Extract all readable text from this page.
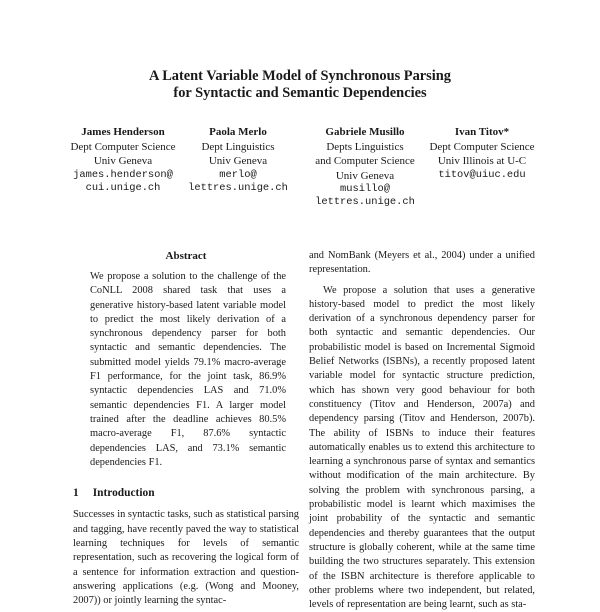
A Latent Variable Model of Synchronous Parsing
for Syntactic and Semantic Dependencies
James Henderson
Dept Computer Science
Univ Geneva
james.henderson@
cui.unige.ch
Paola Merlo
Dept Linguistics
Univ Geneva
merlo@
lettres.unige.ch
Gabriele Musillo
Depts Linguistics
and Computer Science
Univ Geneva
musillo@
lettres.unige.ch
Ivan Titov*
Dept Computer Science
Univ Illinois at U-C
titov@uiuc.edu
Abstract
We propose a solution to the challenge of the CoNLL 2008 shared task that uses a generative history-based latent variable model to predict the most likely derivation of a synchronous dependency parser for both syntactic and semantic dependencies. The submitted model yields 79.1% macro-average F1 performance, for the joint task, 86.9% syntactic dependencies LAS and 71.0% semantic dependencies F1. A larger model trained after the deadline achieves 80.5% macro-average F1, 87.6% syntactic dependencies LAS, and 73.1% semantic dependencies F1.
1 Introduction

Successes in syntactic tasks, such as statistical parsing and tagging, have recently paved the way to statistical learning techniques for levels of semantic representation, such as recovering the logical form of a sentence for information extraction and question-answering applications (e.g. (Wong and Mooney, 2007)) or jointly learning the syntac-

and NomBank (Meyers et al., 2004) under a unified representation.

We propose a solution that uses a generative history-based model to predict the most likely derivation of a synchronous dependency parser for both syntactic and semantic dependencies. Our probabilistic model is based on Incremental Sigmoid Belief Networks (ISBNs), a recently proposed latent variable model for syntactic structure prediction, which has shown very good behaviour for both constituency (Titov and Henderson, 2007a) and dependency parsing (Titov and Henderson, 2007b). The ability of ISBNs to induce their features automatically enables us to extend this architecture to learning a synchronous parse of syntax and semantics without modification of the main architecture. By solving the problem with synchronous parsing, a probabilistic model is learnt which maximises the joint probability of the syntactic and semantic dependencies and thereby guarantees that the output structure is globally coherent, while at the same time building the two structures separately. This extension of the ISBN architecture is therefore applicable to other problems where two independent, but related, levels of representation are being learnt, such as sta-
